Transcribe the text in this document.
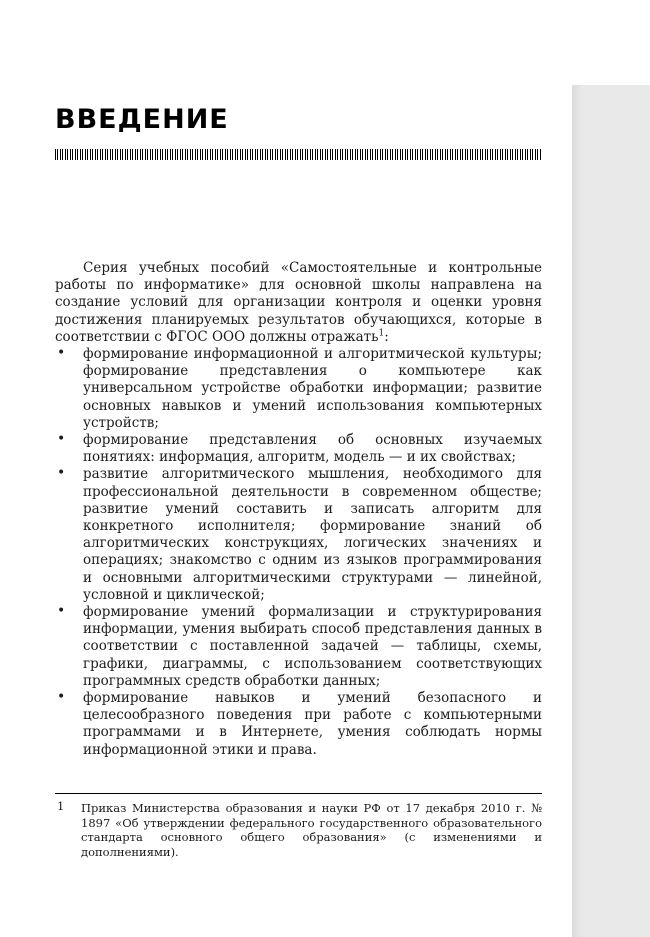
ВВЕДЕНИЕ

Серия учебных пособий «Самостоятельные и контрольные работы по информатике» для основной школы направлена на создание условий для организации контроля и оценки уровня достижения планируемых результатов обучающихся, которые в соответствии с ФГОС ООО должны отражать$^1$:

• формирование информационной и алгоритмической культуры; формирование представления о компьютере как универсальном устройстве обработки информации; развитие основных навыков и умений использования компьютерных устройств;
• формирование представления об основных изучаемых понятиях: информация, алгоритм, модель — и их свойствах;
• развитие алгоритмического мышления, необходимого для профессиональной деятельности в современном обществе; развитие умений составить и записать алгоритм для конкретного исполнителя; формирование знаний об алгоритмических конструкциях, логических значениях и операциях; знакомство с одним из языков программирования и основными алгоритмическими структурами — линейной, условной и циклической;
• формирование умений формализации и структурирования информации, умения выбирать способ представления данных в соответствии с поставленной задачей — таблицы, схемы, графики, диаграммы, с использованием соответствующих программных средств обработки данных;
• формирование навыков и умений безопасного и целесообразного поведения при работе с компьютерными программами и в Интернете, умения соблюдать нормы информационной этики и права.

1 Приказ Министерства образования и науки РФ от 17 декабря 2010 г. № 1897 «Об утверждении федерального государственного образовательного стандарта основного общего образования» (с изменениями и дополнениями).
